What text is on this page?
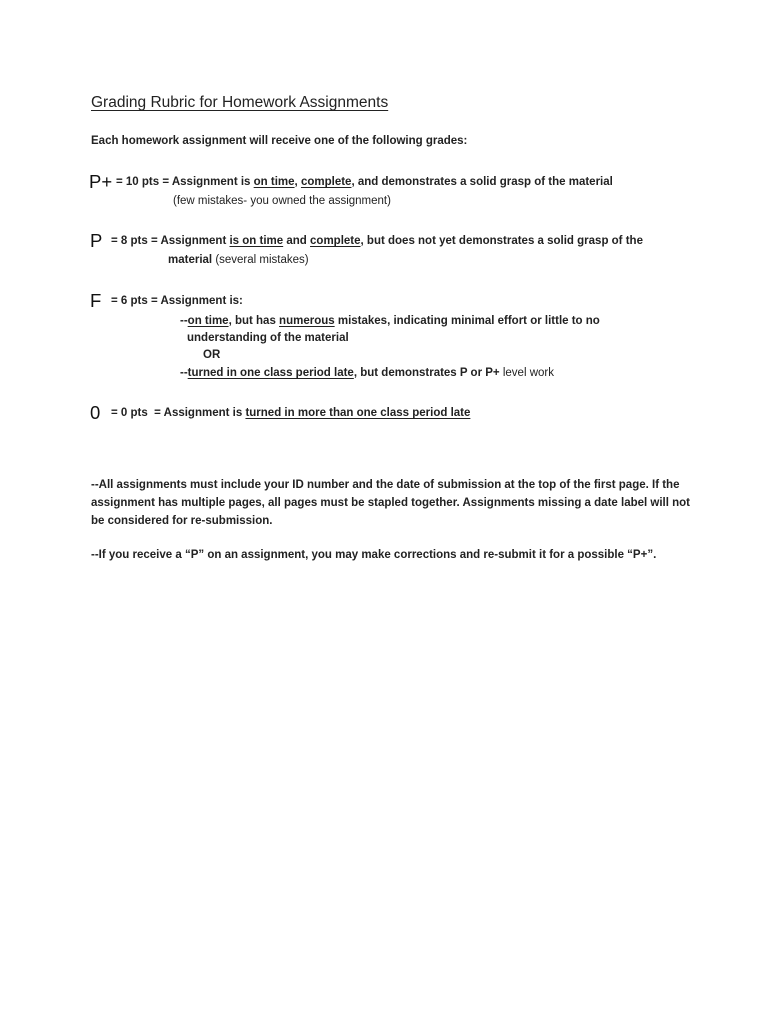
Grading Rubric for Homework Assignments
Each homework assignment will receive one of the following grades:
P+ = 10 pts = Assignment is on time, complete, and demonstrates a solid grasp of the material
(few mistakes- you owned the assignment)
P = 8 pts = Assignment is on time and complete, but does not yet demonstrates a solid grasp of the
material (several mistakes)
F = 6 pts = Assignment is:
--on time, but has numerous mistakes, indicating minimal effort or little to no
understanding of the material
OR
--turned in one class period late, but demonstrates P or P+ level work
0 = 0 pts = Assignment is turned in more than one class period late
--All assignments must include your ID number and the date of submission at the top of the first page. If the assignment has multiple pages, all pages must be stapled together. Assignments missing a date label will not be considered for re-submission.
--If you receive a “P” on an assignment, you may make corrections and re-submit it for a possible “P+”.
